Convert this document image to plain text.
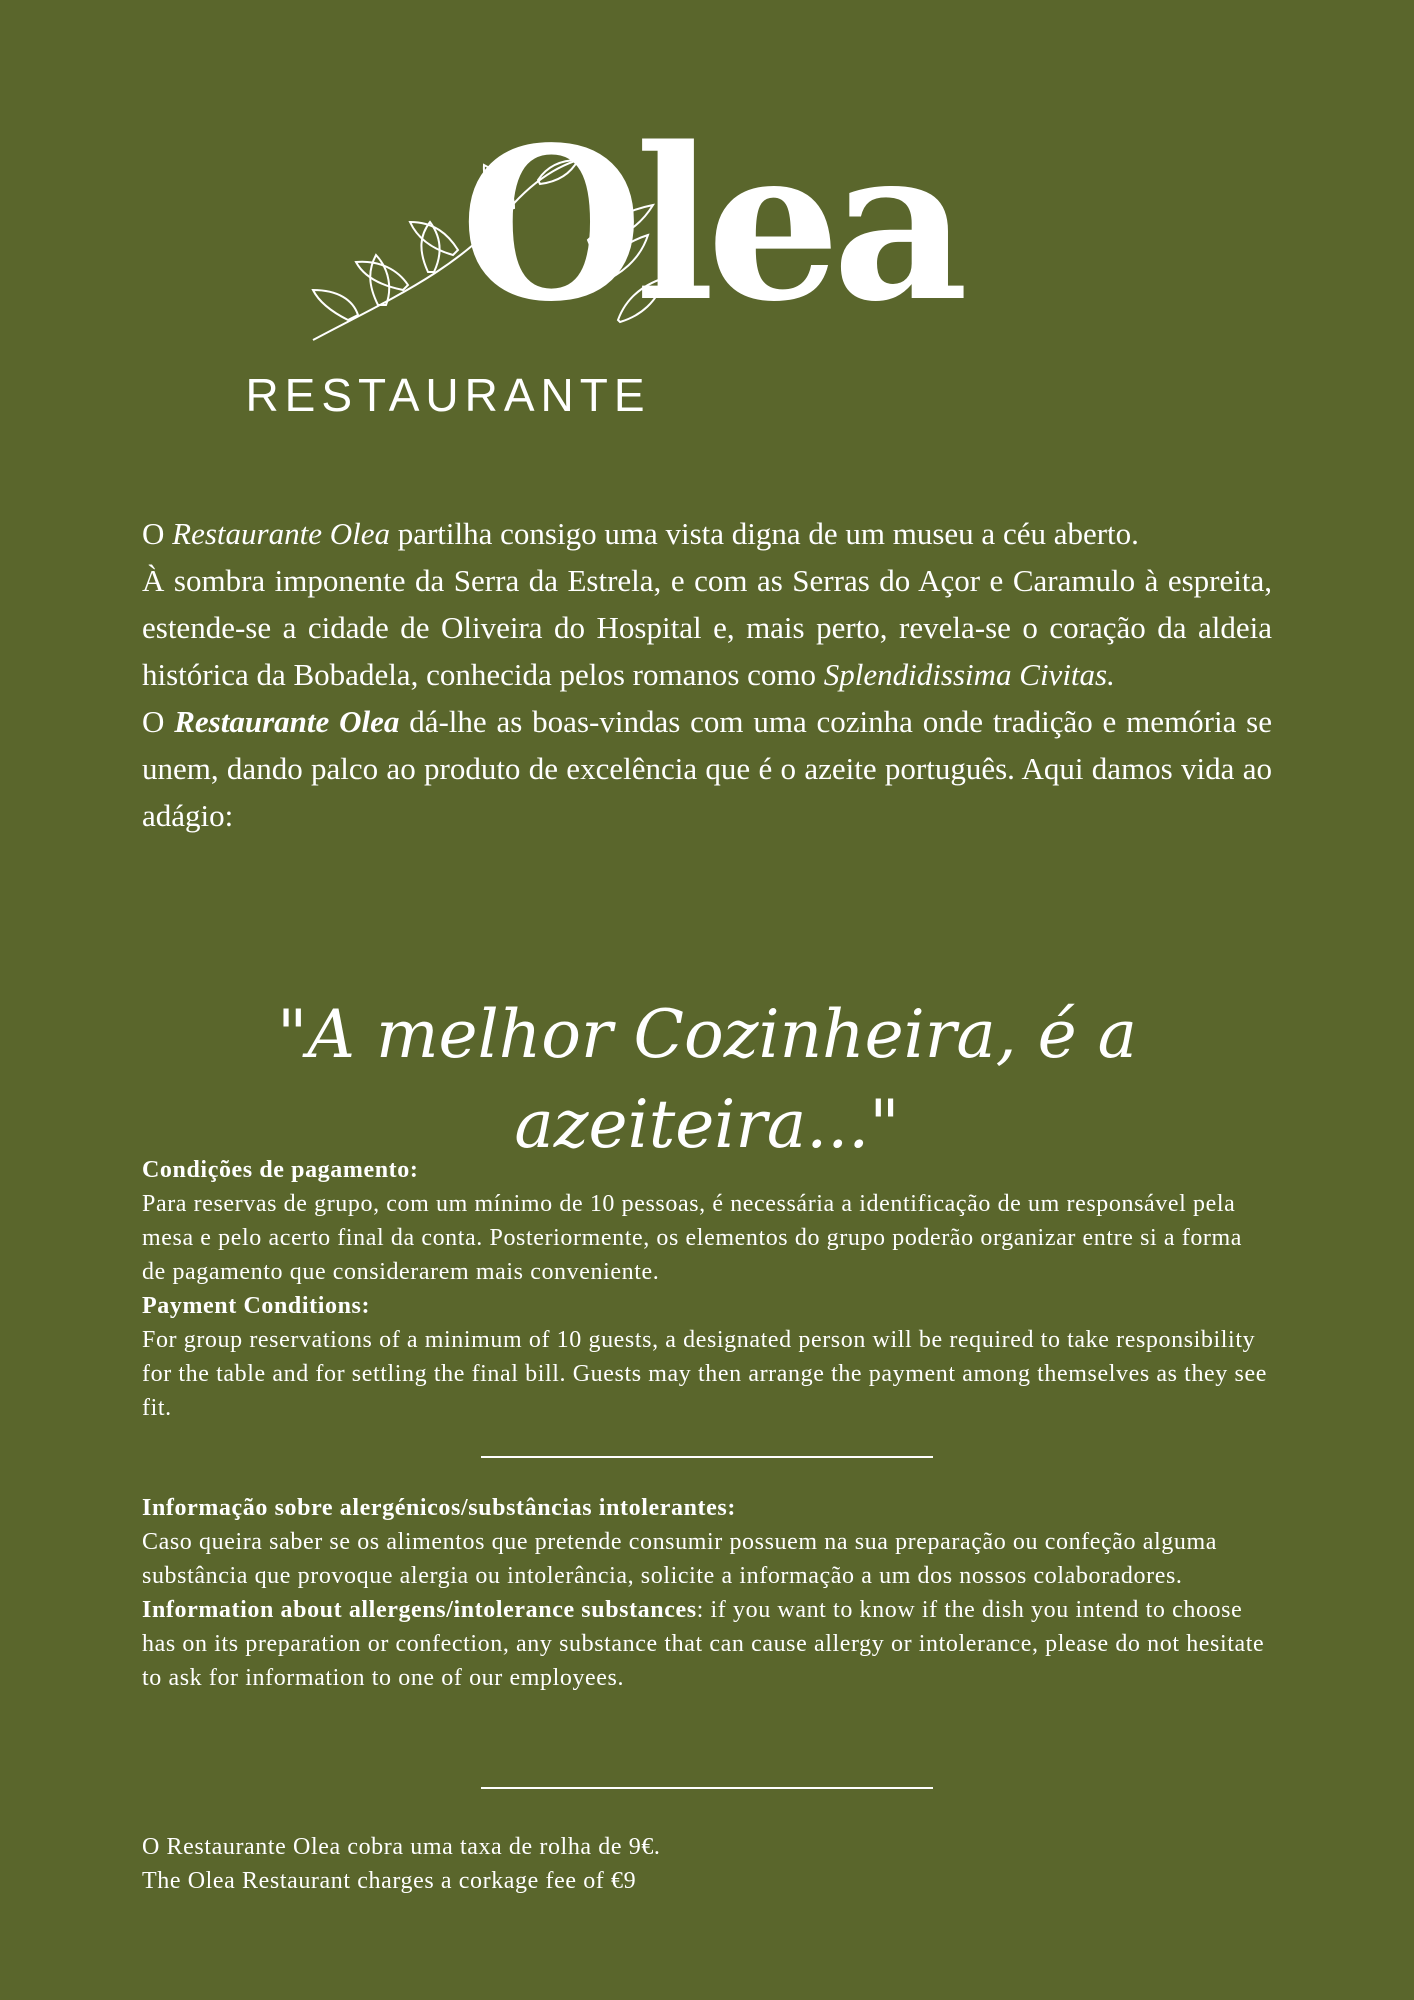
Olea
RESTAURANTE

O Restaurante Olea partilha consigo uma vista digna de um museu a céu aberto.

À sombra imponente da Serra da Estrela, e com as Serras do Açor e Caramulo à espreita, estende-se a cidade de Oliveira do Hospital e, mais perto, revela-se o coração da aldeia histórica da Bobadela, conhecida pelos romanos como Splendidissima Civitas.

O Restaurante Olea dá-lhe as boas-vindas com uma cozinha onde tradição e memória se unem, dando palco ao produto de excelência que é o azeite português. Aqui damos vida ao adágio:

"A melhor Cozinheira, é a azeiteira..."

Condições de pagamento:

Para reservas de grupo, com um mínimo de 10 pessoas, é necessária a identificação de um responsável pela mesa e pelo acerto final da conta. Posteriormente, os elementos do grupo poderão organizar entre si a forma de pagamento que considerarem mais conveniente.

Payment Conditions:

For group reservations of a minimum of 10 guests, a designated person will be required to take responsibility for the table and for settling the final bill. Guests may then arrange the payment among themselves as they see fit.

Informação sobre alergénicos/substâncias intolerantes:

Caso queira saber se os alimentos que pretende consumir possuem na sua preparação ou confeção alguma substância que provoque alergia ou intolerância, solicite a informação a um dos nossos colaboradores.

Information about allergens/intolerance substances: if you want to know if the dish you intend to choose has on its preparation or confection, any substance that can cause allergy or intolerance, please do not hesitate to ask for information to one of our employees.

O Restaurante Olea cobra uma taxa de rolha de 9€.

The Olea Restaurant charges a corkage fee of €9
